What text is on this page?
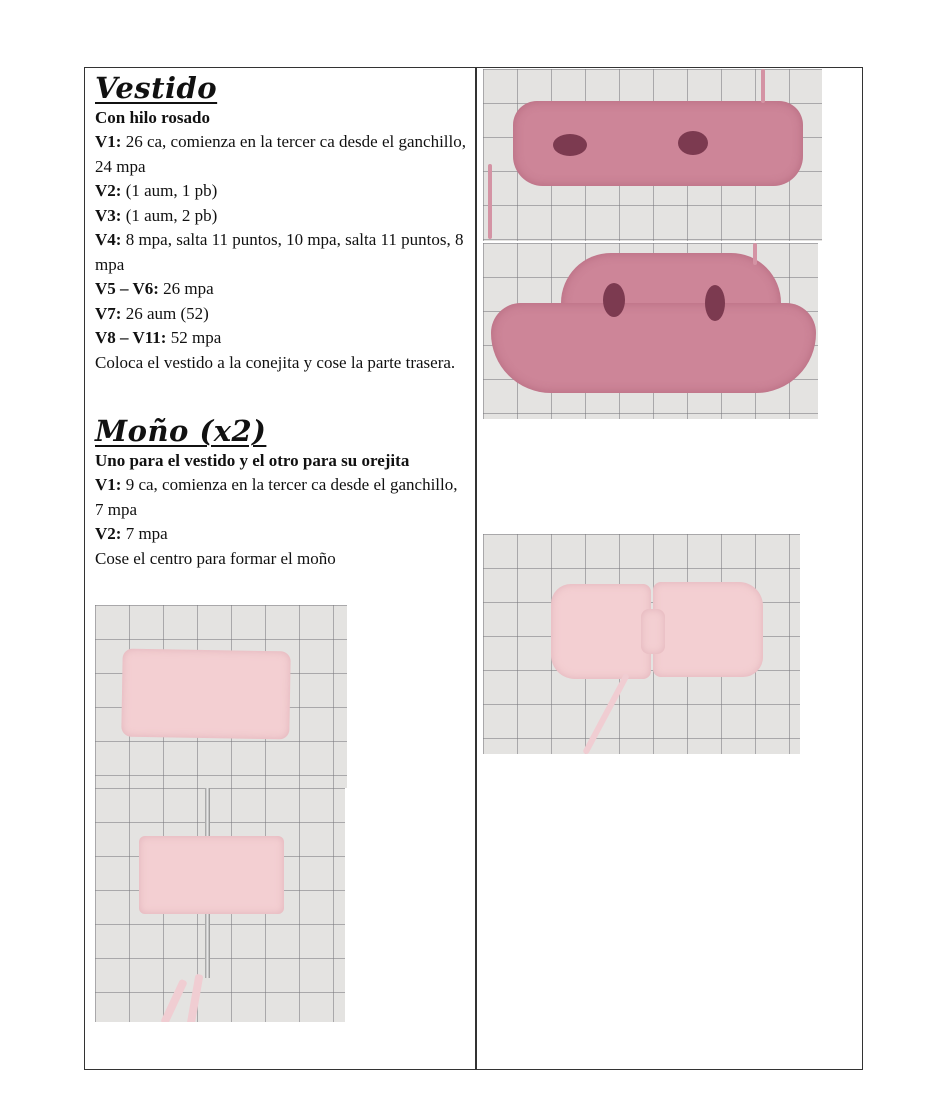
Vestido
Con hilo rosado
V1: 26 ca, comienza en la tercer ca desde el ganchillo, 24 mpa
V2: (1 aum, 1 pb)
V3: (1 aum, 2 pb)
V4: 8 mpa, salta 11 puntos, 10 mpa, salta 11 puntos, 8 mpa
V5 – V6: 26 mpa
V7: 26 aum (52)
V8 – V11: 52 mpa
Coloca el vestido a la conejita y cose la parte trasera.
Moño (x2)
Uno para el vestido y el otro para su orejita
V1: 9 ca, comienza en la tercer ca desde el ganchillo, 7 mpa
V2: 7 mpa
Cose el centro para formar el moño
